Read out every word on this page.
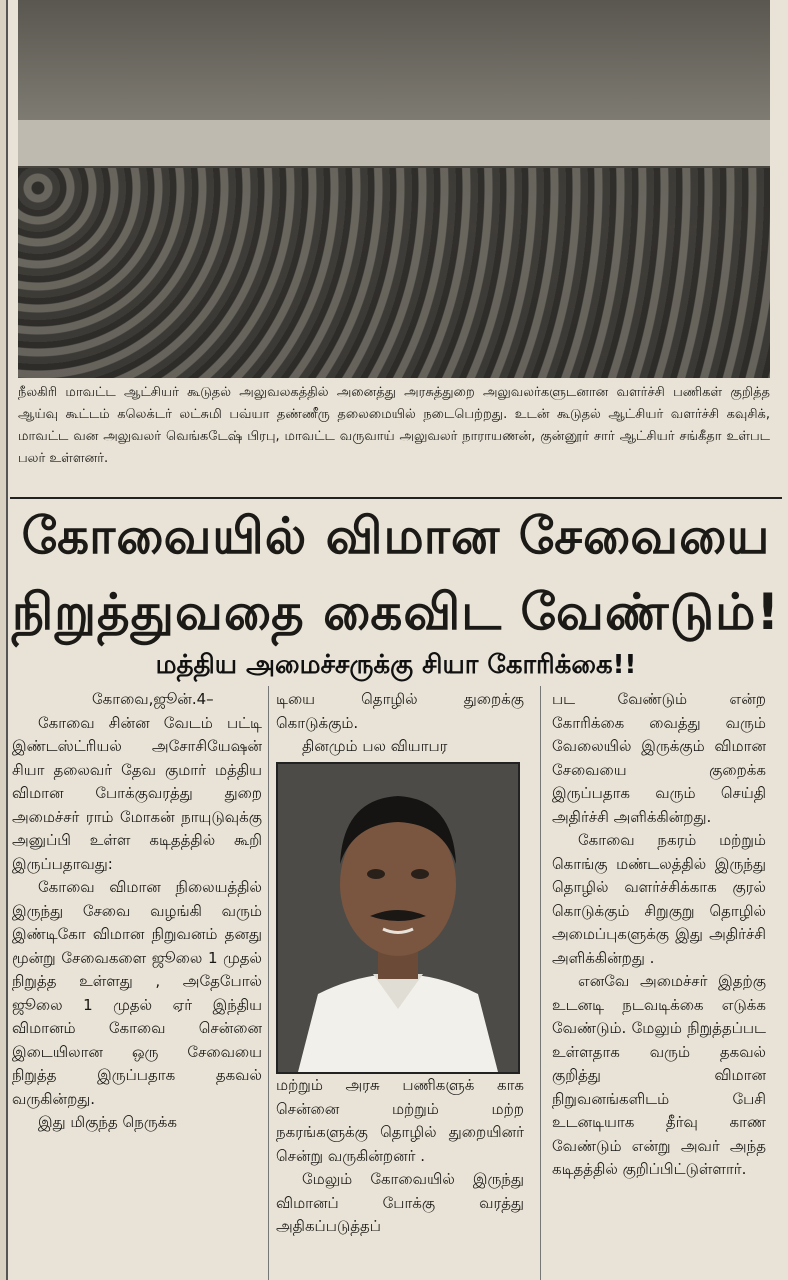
நீலகிரி மாவட்ட ஆட்சியர் கூடுதல் அலுவலகத்தில் அனைத்து அரசுத்துறை அலுவலர்களுடனான வளர்ச்சி பணிகள் குறித்த ஆய்வு கூட்டம் கலெக்டர் லட்சுமி பவ்யா தண்ணீரு தலைமையில் நடைபெற்றது. உடன் கூடுதல் ஆட்சியர் வளர்ச்சி கவுசிக், மாவட்ட வன அலுவலர் வெங்கடேஷ் பிரபு, மாவட்ட வருவாய் அலுவலர் நாராயணன், குன்னூர் சார் ஆட்சியர் சங்கீதா உள்பட பலர் உள்ளனர்.
கோவையில் விமான சேவையை
நிறுத்துவதை கைவிட வேண்டும்!
மத்திய அமைச்சருக்கு சியா கோரிக்கை!!

கோவை,ஜூன்.4–

கோவை சின்ன வேடம் பட்டி இண்டஸ்ட்ரியல் அசோசியேஷன் சியா தலைவர் தேவ குமார் மத்திய விமான போக்குவரத்து துறை அமைச்சர் ராம் மோகன் நாயுடுவுக்கு அனுப்பி உள்ள கடிதத்தில் கூறி இருப்பதாவது:

கோவை விமான நிலையத்தில் இருந்து சேவை வழங்கி வரும் இண்டிகோ விமான நிறுவனம் தனது மூன்று சேவைகளை ஜூலை 1 முதல் நிறுத்த உள்ளது , அதேபோல் ஜூலை 1 முதல் ஏர் இந்திய விமானம் கோவை சென்னை இடையிலான ஒரு சேவையை நிறுத்த இருப்பதாக தகவல் வருகின்றது.

இது மிகுந்த நெருக்க

டியை தொழில் துறைக்கு கொடுக்கும்.

தினமும் பல வியாபர

மற்றும் அரசு பணிகளுக் காக சென்னை மற்றும் மற்ற நகரங்களுக்கு தொழில் துறையினர் சென்று வருகின்றனர் .

மேலும் கோவையில் இருந்து விமானப் போக்கு வரத்து அதிகப்படுத்தப்

பட வேண்டும் என்ற கோரிக்கை வைத்து வரும் வேலையில் இருக்கும் விமான சேவையை குறைக்க இருப்பதாக வரும் செய்தி அதிர்ச்சி அளிக்கின்றது.

கோவை நகரம் மற்றும் கொங்கு மண்டலத்தில் இருந்து தொழில் வளர்ச்சிக்காக குரல் கொடுக்கும் சிறுகுறு தொழில் அமைப்புகளுக்கு இது அதிர்ச்சி அளிக்கின்றது .

எனவே அமைச்சர் இதற்கு உடனடி நடவடிக்கை எடுக்க வேண்டும். மேலும் நிறுத்தப்பட உள்ளதாக வரும் தகவல் குறித்து விமான நிறுவனங்களிடம் பேசி உடனடியாக தீர்வு காண வேண்டும் என்று அவர் அந்த கடிதத்தில் குறிப்பிட்டுள்ளார்.
